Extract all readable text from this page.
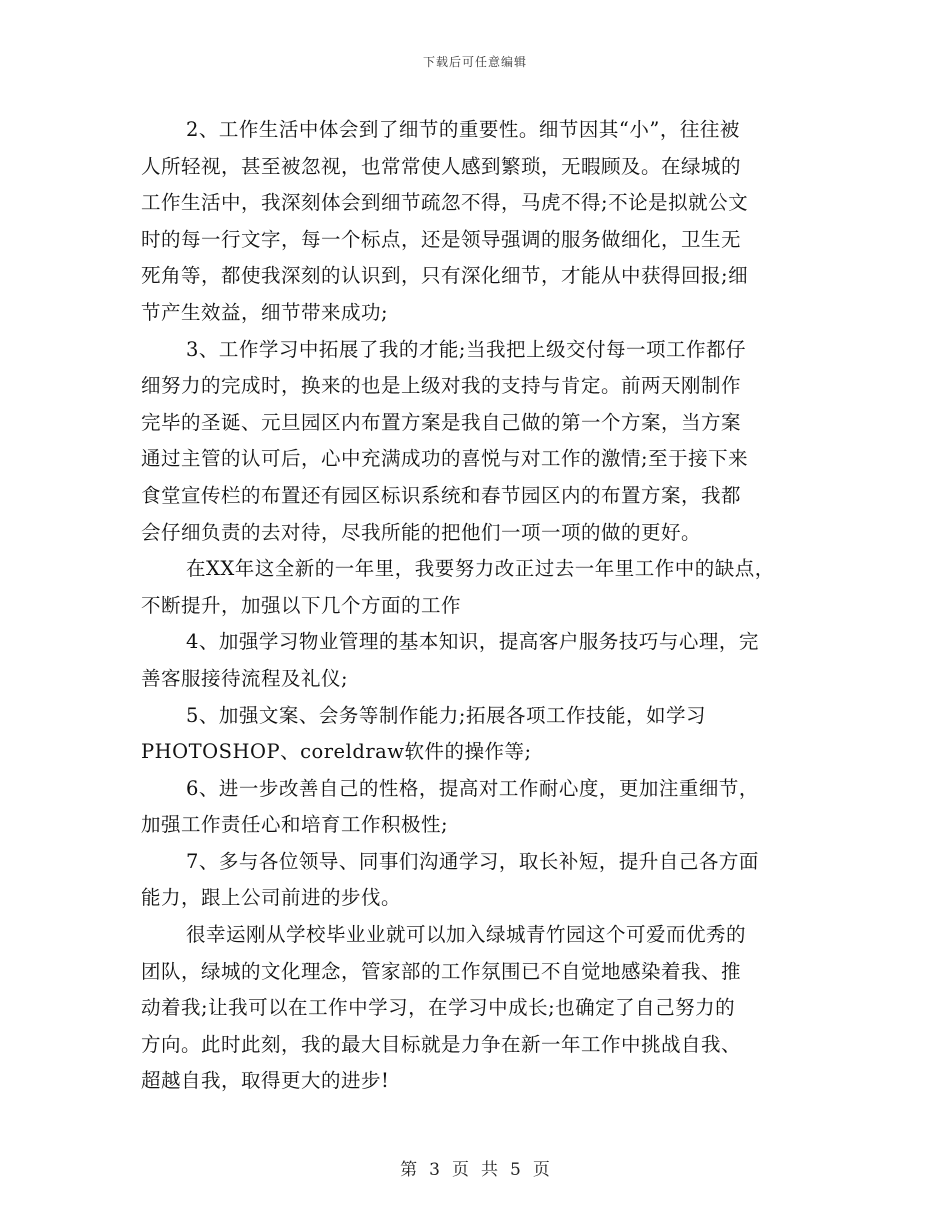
下载后可任意编辑
2、工作生活中体会到了细节的重要性。细节因其“小”，往往被
人所轻视，甚至被忽视，也常常使人感到繁琐，无暇顾及。在绿城的
工作生活中，我深刻体会到细节疏忽不得，马虎不得;不论是拟就公文
时的每一行文字，每一个标点，还是领导强调的服务做细化，卫生无
死角等，都使我深刻的认识到，只有深化细节，才能从中获得回报;细
节产生效益，细节带来成功;
3、工作学习中拓展了我的才能;当我把上级交付每一项工作都仔
细努力的完成时，换来的也是上级对我的支持与肯定。前两天刚制作
完毕的圣诞、元旦园区内布置方案是我自己做的第一个方案，当方案
通过主管的认可后，心中充满成功的喜悦与对工作的激情;至于接下来
食堂宣传栏的布置还有园区标识系统和春节园区内的布置方案，我都
会仔细负责的去对待，尽我所能的把他们一项一项的做的更好。
在XX年这全新的一年里，我要努力改正过去一年里工作中的缺点，
不断提升，加强以下几个方面的工作
4、加强学习物业管理的基本知识，提高客户服务技巧与心理，完
善客服接待流程及礼仪;
5、加强文案、会务等制作能力;拓展各项工作技能，如学习
PHOTOSHOP、coreldraw软件的操作等;
6、进一步改善自己的性格，提高对工作耐心度，更加注重细节，
加强工作责任心和培育工作积极性;
7、多与各位领导、同事们沟通学习，取长补短，提升自己各方面
能力，跟上公司前进的步伐。
很幸运刚从学校毕业业就可以加入绿城青竹园这个可爱而优秀的
团队，绿城的文化理念，管家部的工作氛围已不自觉地感染着我、推
动着我;让我可以在工作中学习，在学习中成长;也确定了自己努力的
方向。此时此刻，我的最大目标就是力争在新一年工作中挑战自我、
超越自我，取得更大的进步!
第 3 页 共 5 页
